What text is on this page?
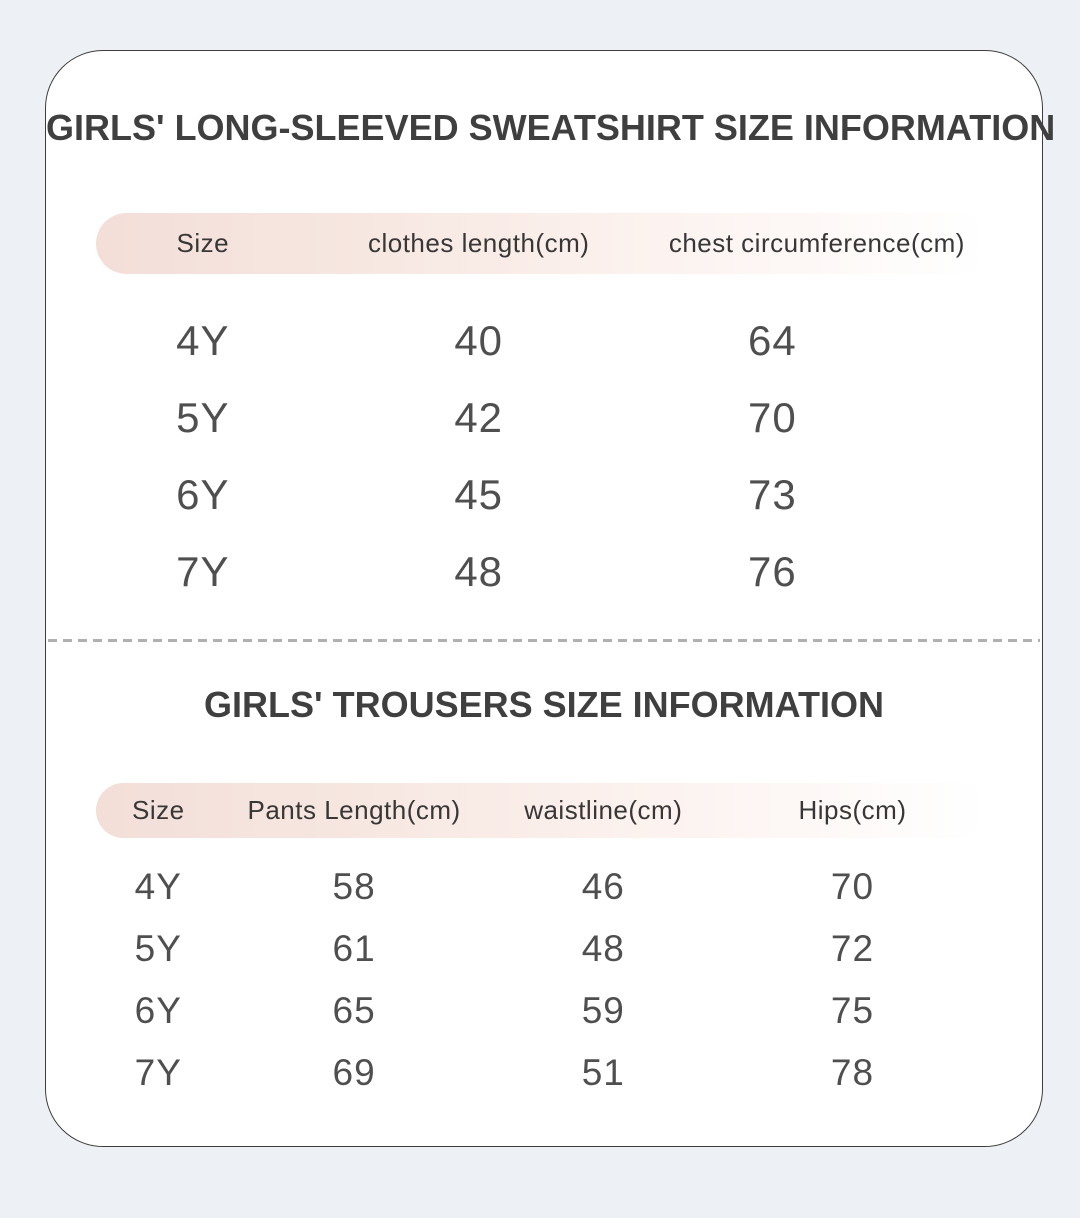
GIRLS' LONG-SLEEVED SWEATSHIRT SIZE INFORMATION
Size	clothes length(cm)	chest circumference(cm)
4Y	40	64
5Y	42	70
6Y	45	73
7Y	48	76
GIRLS' TROUSERS SIZE INFORMATION
Size	Pants Length(cm)	waistline(cm)	Hips(cm)
4Y	58	46	70
5Y	61	48	72
6Y	65	59	75
7Y	69	51	78
